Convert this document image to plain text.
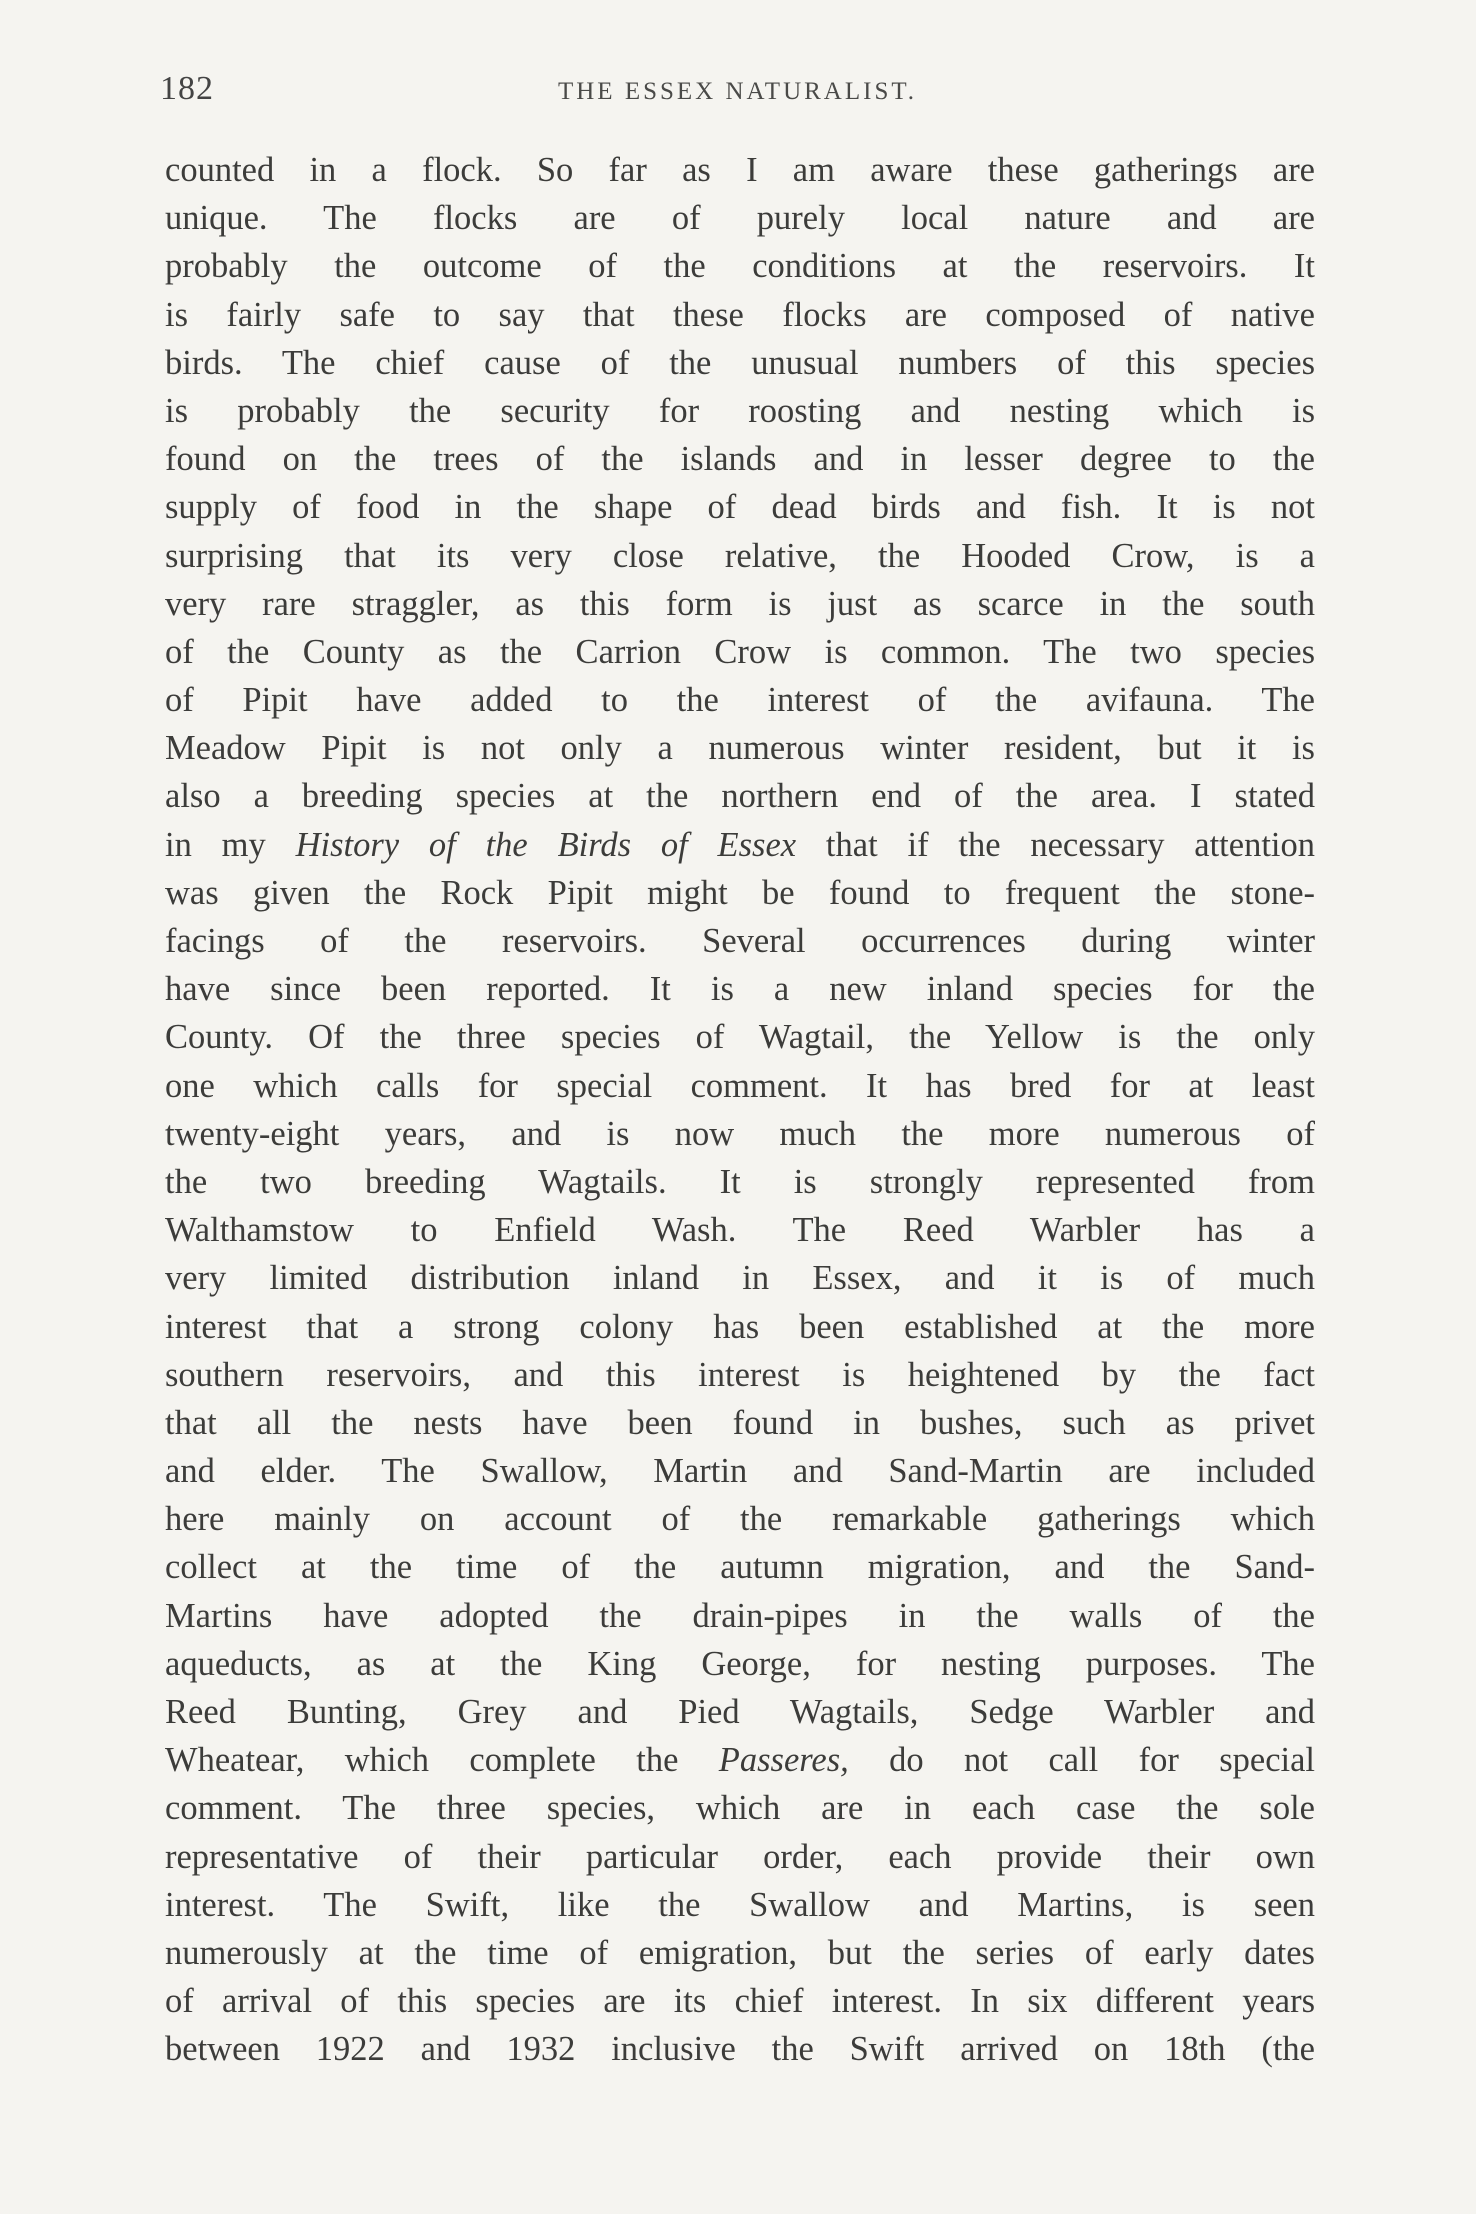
182	THE ESSEX NATURALIST.
counted in a flock. So far as I am aware these gatherings are
unique. The flocks are of purely local nature and are
probably the outcome of the conditions at the reservoirs. It
is fairly safe to say that these flocks are composed of native
birds. The chief cause of the unusual numbers of this species
is probably the security for roosting and nesting which is
found on the trees of the islands and in lesser degree to the
supply of food in the shape of dead birds and fish. It is not
surprising that its very close relative, the Hooded Crow, is a
very rare straggler, as this form is just as scarce in the south
of the County as the Carrion Crow is common. The two species
of Pipit have added to the interest of the avifauna. The
Meadow Pipit is not only a numerous winter resident, but it is
also a breeding species at the northern end of the area. I stated
in my History of the Birds of Essex that if the necessary attention
was given the Rock Pipit might be found to frequent the stone-
facings of the reservoirs. Several occurrences during winter
have since been reported. It is a new inland species for the
County. Of the three species of Wagtail, the Yellow is the only
one which calls for special comment. It has bred for at least
twenty-eight years, and is now much the more numerous of
the two breeding Wagtails. It is strongly represented from
Walthamstow to Enfield Wash. The Reed Warbler has a
very limited distribution inland in Essex, and it is of much
interest that a strong colony has been established at the more
southern reservoirs, and this interest is heightened by the fact
that all the nests have been found in bushes, such as privet
and elder. The Swallow, Martin and Sand-Martin are included
here mainly on account of the remarkable gatherings which
collect at the time of the autumn migration, and the Sand-
Martins have adopted the drain-pipes in the walls of the
aqueducts, as at the King George, for nesting purposes. The
Reed Bunting, Grey and Pied Wagtails, Sedge Warbler and
Wheatear, which complete the Passeres, do not call for special
comment. The three species, which are in each case the sole
representative of their particular order, each provide their own
interest. The Swift, like the Swallow and Martins, is seen
numerously at the time of emigration, but the series of early dates
of arrival of this species are its chief interest. In six different years
between 1922 and 1932 inclusive the Swift arrived on 18th (the
